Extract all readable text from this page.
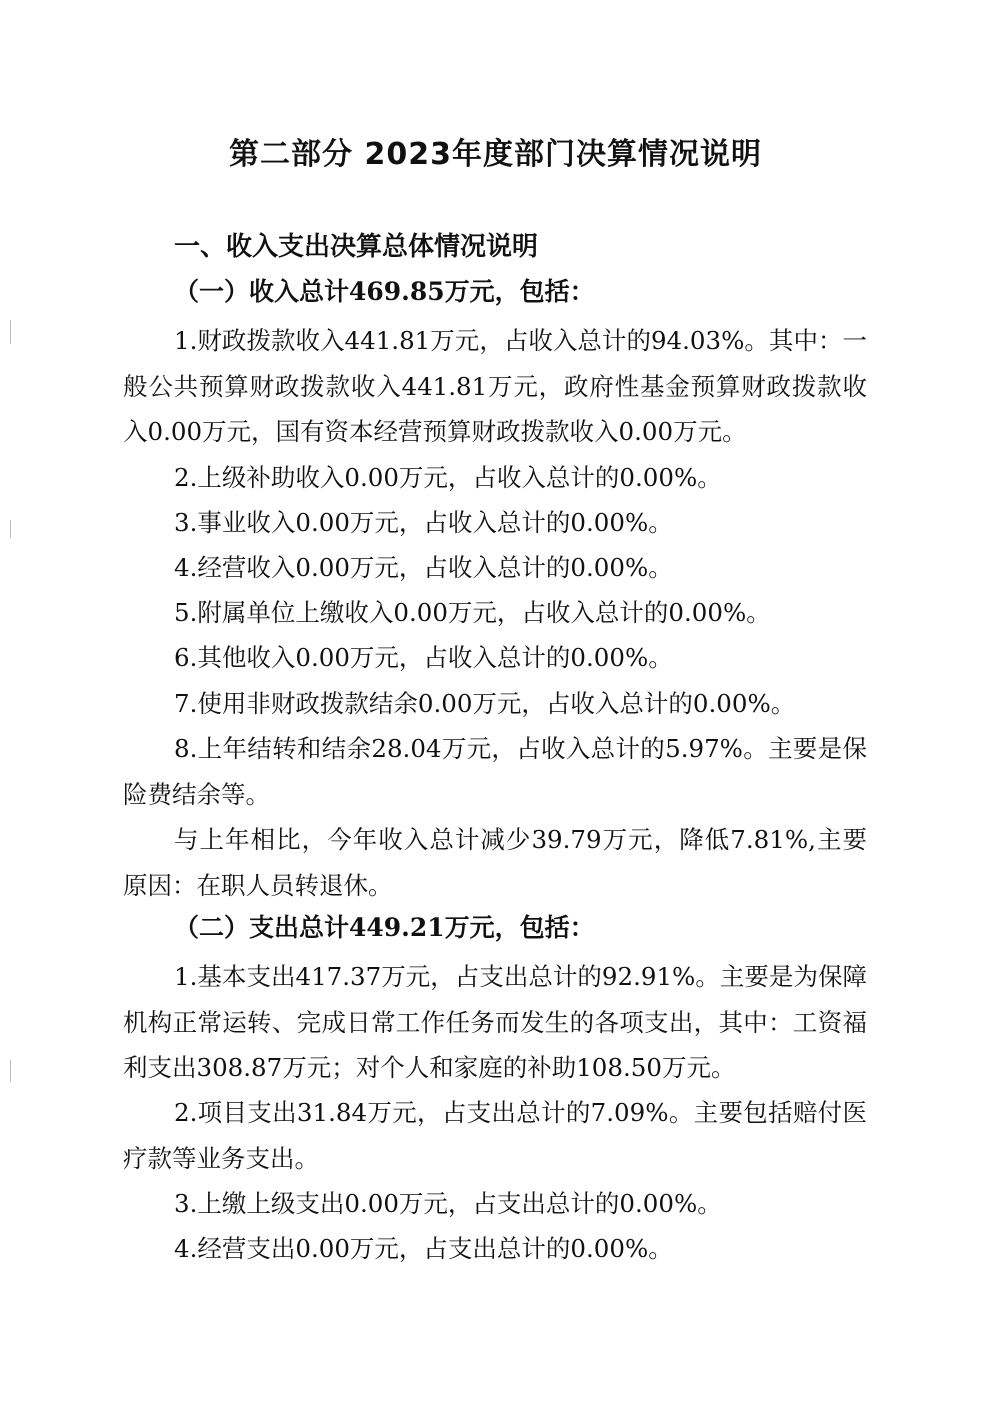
第二部分 2023年度部门决算情况说明
一、收入支出决算总体情况说明
（一）收入总计469.85万元，包括：

1.财政拨款收入441.81万元，占收入总计的94.03%。其中：一般公共预算财政拨款收入441.81万元，政府性基金预算财政拨款收入0.00万元，国有资本经营预算财政拨款收入0.00万元。

2.上级补助收入0.00万元，占收入总计的0.00%。

3.事业收入0.00万元，占收入总计的0.00%。

4.经营收入0.00万元，占收入总计的0.00%。

5.附属单位上缴收入0.00万元，占收入总计的0.00%。

6.其他收入0.00万元，占收入总计的0.00%。

7.使用非财政拨款结余0.00万元，占收入总计的0.00%。

8.上年结转和结余28.04万元，占收入总计的5.97%。主要是保险费结余等。

与上年相比，今年收入总计减少39.79万元，降低7.81%,主要原因：在职人员转退休。

（二）支出总计449.21万元，包括：

1.基本支出417.37万元，占支出总计的92.91%。主要是为保障机构正常运转、完成日常工作任务而发生的各项支出，其中：工资福利支出308.87万元；对个人和家庭的补助108.50万元。

2.项目支出31.84万元，占支出总计的7.09%。主要包括赔付医疗款等业务支出。

3.上缴上级支出0.00万元，占支出总计的0.00%。

4.经营支出0.00万元，占支出总计的0.00%。
